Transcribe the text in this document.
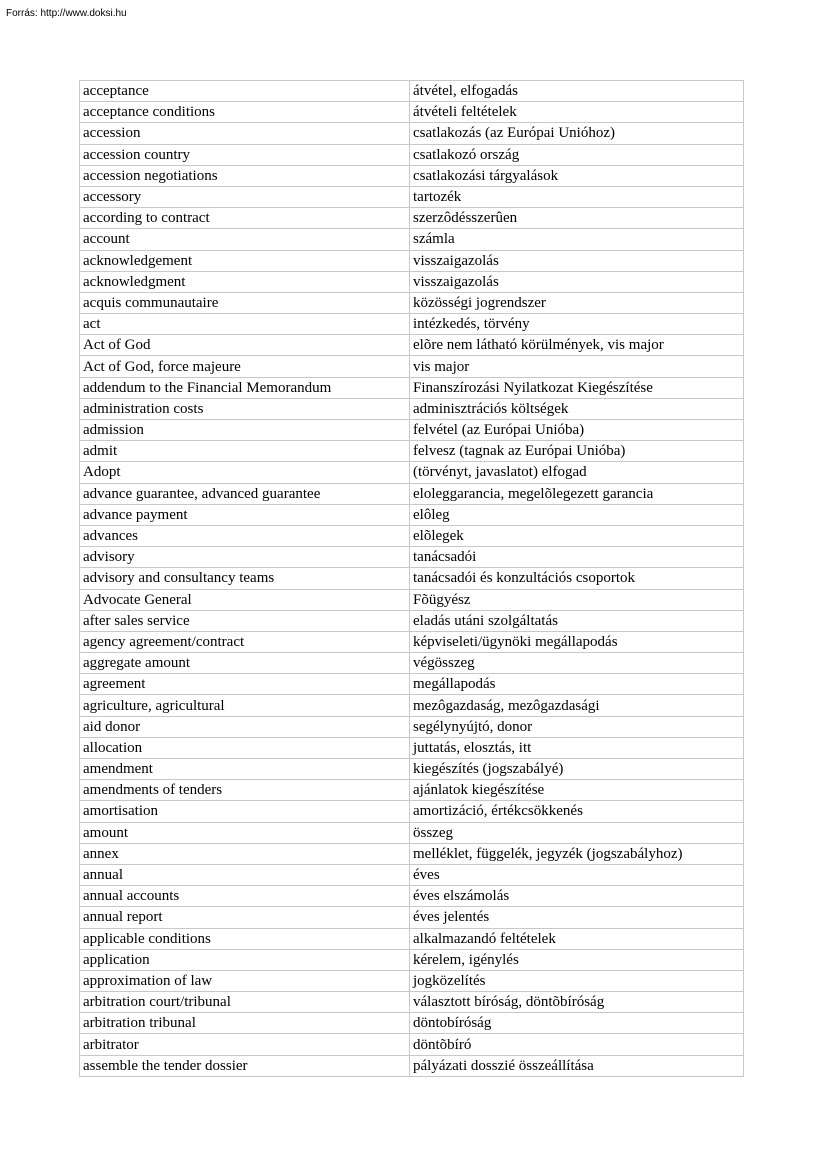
Forrás: http://www.doksi.hu

acceptance	átvétel, elfogadás
acceptance conditions	átvételi feltételek
accession	csatlakozás (az Európai Unióhoz)
accession country	csatlakozó ország
accession negotiations	csatlakozási tárgyalások
accessory	tartozék
according to contract	szerzôdésszerûen
account	számla
acknowledgement	visszaigazolás
acknowledgment	visszaigazolás
acquis communautaire	közösségi jogrendszer
act	intézkedés, törvény
Act of God	elõre nem látható körülmények, vis major
Act of God, force majeure	vis major
addendum to the Financial Memorandum	Finanszírozási Nyilatkozat Kiegészítése
administration costs	adminisztrációs költségek
admission	felvétel (az Európai Unióba)
admit	felvesz (tagnak az Európai Unióba)
Adopt	(törvényt, javaslatot) elfogad
advance guarantee, advanced guarantee	eloleggarancia, megelõlegezett garancia
advance payment	elôleg
advances	elõlegek
advisory	tanácsadói
advisory and consultancy teams	tanácsadói és konzultációs csoportok
Advocate General	Fõügyész
after sales service	eladás utáni szolgáltatás
agency agreement/contract	képviseleti/ügynöki megállapodás
aggregate amount	végösszeg
agreement	megállapodás
agriculture, agricultural	mezôgazdaság, mezôgazdasági
aid donor	segélynyújtó, donor
allocation	juttatás, elosztás, itt
amendment	kiegészítés (jogszabályé)
amendments of tenders	ajánlatok kiegészítése
amortisation	amortizáció, értékcsökkenés
amount	összeg
annex	melléklet, függelék, jegyzék (jogszabályhoz)
annual	éves
annual accounts	éves elszámolás
annual report	éves jelentés
applicable conditions	alkalmazandó feltételek
application	kérelem, igénylés
approximation of law	jogközelítés
arbitration court/tribunal	választott bíróság, döntõbíróság
arbitration tribunal	döntobíróság
arbitrator	döntõbíró
assemble the tender dossier	pályázati dosszié összeállítása
